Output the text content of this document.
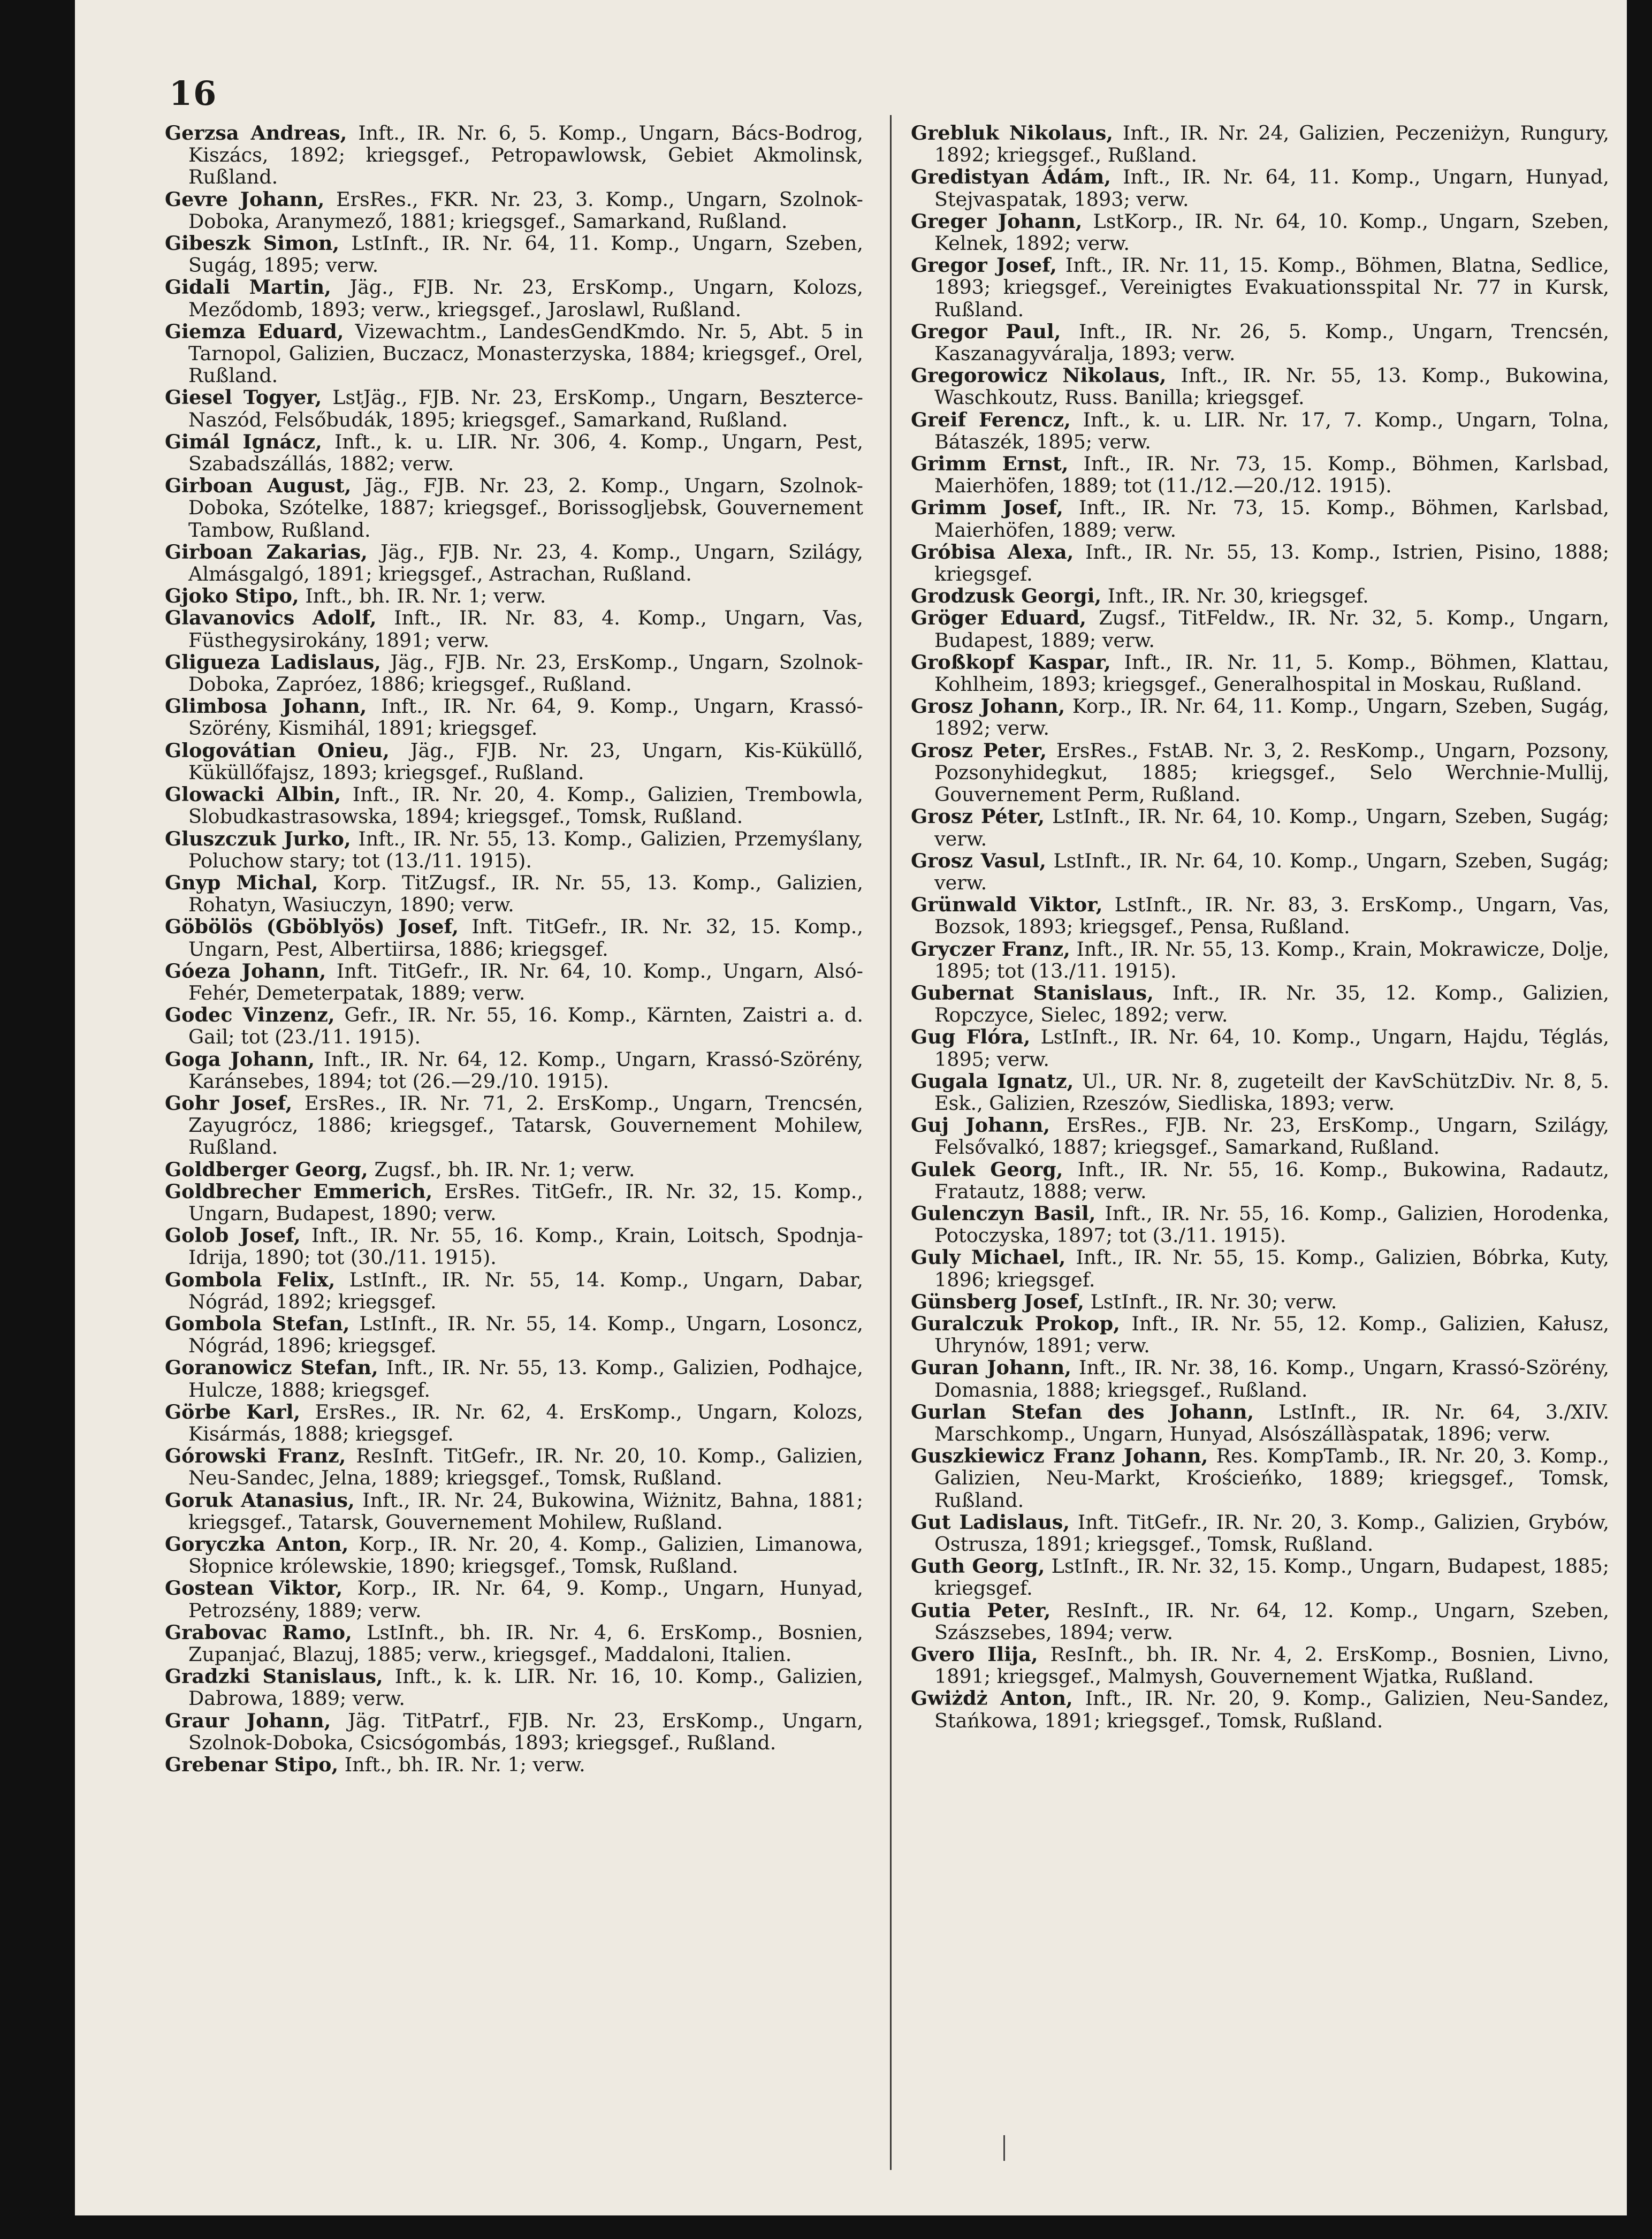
16

Gerzsa Andreas, Inft., IR. Nr. 6, 5. Komp., Ungarn, Bács-Bodrog, Kiszács, 1892; kriegsgef., Petropawlowsk, Gebiet Akmolinsk, Rußland.

Gevre Johann, ErsRes., FKR. Nr. 23, 3. Komp., Ungarn, Szolnok-Doboka, Aranymező, 1881; kriegsgef., Samarkand, Rußland.

Gibeszk Simon, LstInft., IR. Nr. 64, 11. Komp., Ungarn, Szeben, Sugág, 1895; verw.

Gidali Martin, Jäg., FJB. Nr. 23, ErsKomp., Ungarn, Kolozs, Meződomb, 1893; verw., kriegsgef., Jaroslawl, Rußland.

Giemza Eduard, Vizewachtm., LandesGendKmdo. Nr. 5, Abt. 5 in Tarnopol, Galizien, Buczacz, Monasterzyska, 1884; kriegsgef., Orel, Rußland.

Giesel Togyer, LstJäg., FJB. Nr. 23, ErsKomp., Ungarn, Beszterce-Naszód, Felsőbudák, 1895; kriegsgef., Samarkand, Rußland.

Gimál Ignácz, Inft., k. u. LIR. Nr. 306, 4. Komp., Ungarn, Pest, Szabadszállás, 1882; verw.

Girboan August, Jäg., FJB. Nr. 23, 2. Komp., Ungarn, Szolnok-Doboka, Szótelke, 1887; kriegsgef., Borissogljebsk, Gouvernement Tambow, Rußland.

Girboan Zakarias, Jäg., FJB. Nr. 23, 4. Komp., Ungarn, Szilágy, Almásgalgó, 1891; kriegsgef., Astrachan, Rußland.

Gjoko Stipo, Inft., bh. IR. Nr. 1; verw.

Glavanovics Adolf, Inft., IR. Nr. 83, 4. Komp., Ungarn, Vas, Füsthegysirokány, 1891; verw.

Gligueza Ladislaus, Jäg., FJB. Nr. 23, ErsKomp., Ungarn, Szolnok-Doboka, Zapróez, 1886; kriegsgef., Rußland.

Glimbosa Johann, Inft., IR. Nr. 64, 9. Komp., Ungarn, Krassó-Szörény, Kismihál, 1891; kriegsgef.

Glogovátian Onieu, Jäg., FJB. Nr. 23, Ungarn, Kis-Küküllő, Küküllőfajsz, 1893; kriegsgef., Rußland.

Glowacki Albin, Inft., IR. Nr. 20, 4. Komp., Galizien, Trembowla, Slobudkastrasowska, 1894; kriegsgef., Tomsk, Rußland.

Gluszczuk Jurko, Inft., IR. Nr. 55, 13. Komp., Galizien, Przemyślany, Poluchow stary; tot (13./11. 1915).

Gnyp Michal, Korp. TitZugsf., IR. Nr. 55, 13. Komp., Galizien, Rohatyn, Wasiuczyn, 1890; verw.

Göbölös (Gböblyös) Josef, Inft. TitGefr., IR. Nr. 32, 15. Komp., Ungarn, Pest, Albertiirsa, 1886; kriegsgef.

Góeza Johann, Inft. TitGefr., IR. Nr. 64, 10. Komp., Ungarn, Alsó-Fehér, Demeterpatak, 1889; verw.

Godec Vinzenz, Gefr., IR. Nr. 55, 16. Komp., Kärnten, Zaistri a. d. Gail; tot (23./11. 1915).

Goga Johann, Inft., IR. Nr. 64, 12. Komp., Ungarn, Krassó-Szörény, Karánsebes, 1894; tot (26.—29./10. 1915).

Gohr Josef, ErsRes., IR. Nr. 71, 2. ErsKomp., Ungarn, Trencsén, Zayugrócz, 1886; kriegsgef., Tatarsk, Gouvernement Mohilew, Rußland.

Goldberger Georg, Zugsf., bh. IR. Nr. 1; verw.

Goldbrecher Emmerich, ErsRes. TitGefr., IR. Nr. 32, 15. Komp., Ungarn, Budapest, 1890; verw.

Golob Josef, Inft., IR. Nr. 55, 16. Komp., Krain, Loitsch, Spodnja-Idrija, 1890; tot (30./11. 1915).

Gombola Felix, LstInft., IR. Nr. 55, 14. Komp., Ungarn, Dabar, Nógrád, 1892; kriegsgef.

Gombola Stefan, LstInft., IR. Nr. 55, 14. Komp., Ungarn, Losoncz, Nógrád, 1896; kriegsgef.

Goranowicz Stefan, Inft., IR. Nr. 55, 13. Komp., Galizien, Podhajce, Hulcze, 1888; kriegsgef.

Görbe Karl, ErsRes., IR. Nr. 62, 4. ErsKomp., Ungarn, Kolozs, Kisármás, 1888; kriegsgef.

Górowski Franz, ResInft. TitGefr., IR. Nr. 20, 10. Komp., Galizien, Neu-Sandec, Jelna, 1889; kriegsgef., Tomsk, Rußland.

Goruk Atanasius, Inft., IR. Nr. 24, Bukowina, Wiżnitz, Bahna, 1881; kriegsgef., Tatarsk, Gouvernement Mohilew, Rußland.

Goryczka Anton, Korp., IR. Nr. 20, 4. Komp., Galizien, Limanowa, Słopnice królewskie, 1890; kriegsgef., Tomsk, Rußland.

Gostean Viktor, Korp., IR. Nr. 64, 9. Komp., Ungarn, Hunyad, Petrozsény, 1889; verw.

Grabovac Ramo, LstInft., bh. IR. Nr. 4, 6. ErsKomp., Bosnien, Zupanjać, Blazuj, 1885; verw., kriegsgef., Maddaloni, Italien.

Gradzki Stanislaus, Inft., k. k. LIR. Nr. 16, 10. Komp., Galizien, Dabrowa, 1889; verw.

Graur Johann, Jäg. TitPatrf., FJB. Nr. 23, ErsKomp., Ungarn, Szolnok-Doboka, Csicsógombás, 1893; kriegsgef., Rußland.

Grebenar Stipo, Inft., bh. IR. Nr. 1; verw.

Grebluk Nikolaus, Inft., IR. Nr. 24, Galizien, Peczeniżyn, Rungury, 1892; kriegsgef., Rußland.

Gredistyan Ádám, Inft., IR. Nr. 64, 11. Komp., Ungarn, Hunyad, Stejvaspatak, 1893; verw.

Greger Johann, LstKorp., IR. Nr. 64, 10. Komp., Ungarn, Szeben, Kelnek, 1892; verw.

Gregor Josef, Inft., IR. Nr. 11, 15. Komp., Böhmen, Blatna, Sedlice, 1893; kriegsgef., Vereinigtes Evakuationsspital Nr. 77 in Kursk, Rußland.

Gregor Paul, Inft., IR. Nr. 26, 5. Komp., Ungarn, Trencsén, Kaszanagyváralja, 1893; verw.

Gregorowicz Nikolaus, Inft., IR. Nr. 55, 13. Komp., Bukowina, Waschkoutz, Russ. Banilla; kriegsgef.

Greif Ferencz, Inft., k. u. LIR. Nr. 17, 7. Komp., Ungarn, Tolna, Bátaszék, 1895; verw.

Grimm Ernst, Inft., IR. Nr. 73, 15. Komp., Böhmen, Karlsbad, Maierhöfen, 1889; tot (11./12.—20./12. 1915).

Grimm Josef, Inft., IR. Nr. 73, 15. Komp., Böhmen, Karlsbad, Maierhöfen, 1889; verw.

Gróbisa Alexa, Inft., IR. Nr. 55, 13. Komp., Istrien, Pisino, 1888; kriegsgef.

Grodzusk Georgi, Inft., IR. Nr. 30, kriegsgef.

Gröger Eduard, Zugsf., TitFeldw., IR. Nr. 32, 5. Komp., Ungarn, Budapest, 1889; verw.

Großkopf Kaspar, Inft., IR. Nr. 11, 5. Komp., Böhmen, Klattau, Kohlheim, 1893; kriegsgef., Generalhospital in Moskau, Rußland.

Grosz Johann, Korp., IR. Nr. 64, 11. Komp., Ungarn, Szeben, Sugág, 1892; verw.

Grosz Peter, ErsRes., FstAB. Nr. 3, 2. ResKomp., Ungarn, Pozsony, Pozsonyhidegkut, 1885; kriegsgef., Selo Werchnie-Mullij, Gouvernement Perm, Rußland.

Grosz Péter, LstInft., IR. Nr. 64, 10. Komp., Ungarn, Szeben, Sugág; verw.

Grosz Vasul, LstInft., IR. Nr. 64, 10. Komp., Ungarn, Szeben, Sugág; verw.

Grünwald Viktor, LstInft., IR. Nr. 83, 3. ErsKomp., Ungarn, Vas, Bozsok, 1893; kriegsgef., Pensa, Rußland.

Gryczer Franz, Inft., IR. Nr. 55, 13. Komp., Krain, Mokrawicze, Dolje, 1895; tot (13./11. 1915).

Gubernat Stanislaus, Inft., IR. Nr. 35, 12. Komp., Galizien, Ropczyce, Sielec, 1892; verw.

Gug Flóra, LstInft., IR. Nr. 64, 10. Komp., Ungarn, Hajdu, Téglás, 1895; verw.

Gugala Ignatz, Ul., UR. Nr. 8, zugeteilt der KavSchützDiv. Nr. 8, 5. Esk., Galizien, Rzeszów, Siedliska, 1893; verw.

Guj Johann, ErsRes., FJB. Nr. 23, ErsKomp., Ungarn, Szilágy, Felsővalkó, 1887; kriegsgef., Samarkand, Rußland.

Gulek Georg, Inft., IR. Nr. 55, 16. Komp., Bukowina, Radautz, Fratautz, 1888; verw.

Gulenczyn Basil, Inft., IR. Nr. 55, 16. Komp., Galizien, Horodenka, Potoczyska, 1897; tot (3./11. 1915).

Guly Michael, Inft., IR. Nr. 55, 15. Komp., Galizien, Bóbrka, Kuty, 1896; kriegsgef.

Günsberg Josef, LstInft., IR. Nr. 30; verw.

Guralczuk Prokop, Inft., IR. Nr. 55, 12. Komp., Galizien, Kałusz, Uhrynów, 1891; verw.

Guran Johann, Inft., IR. Nr. 38, 16. Komp., Ungarn, Krassó-Szörény, Domasnia, 1888; kriegsgef., Rußland.

Gurlan Stefan des Johann, LstInft., IR. Nr. 64, 3./XIV. Marschkomp., Ungarn, Hunyad, Alsószállàspatak, 1896; verw.

Guszkiewicz Franz Johann, Res. KompTamb., IR. Nr. 20, 3. Komp., Galizien, Neu-Markt, Krościeńko, 1889; kriegsgef., Tomsk, Rußland.

Gut Ladislaus, Inft. TitGefr., IR. Nr. 20, 3. Komp., Galizien, Grybów, Ostrusza, 1891; kriegsgef., Tomsk, Rußland.

Guth Georg, LstInft., IR. Nr. 32, 15. Komp., Ungarn, Budapest, 1885; kriegsgef.

Gutia Peter, ResInft., IR. Nr. 64, 12. Komp., Ungarn, Szeben, Szászsebes, 1894; verw.

Gvero Ilija, ResInft., bh. IR. Nr. 4, 2. ErsKomp., Bosnien, Livno, 1891; kriegsgef., Malmysh, Gouvernement Wjatka, Rußland.

Gwiżdż Anton, Inft., IR. Nr. 20, 9. Komp., Galizien, Neu-Sandez, Stańkowa, 1891; kriegsgef., Tomsk, Rußland.
